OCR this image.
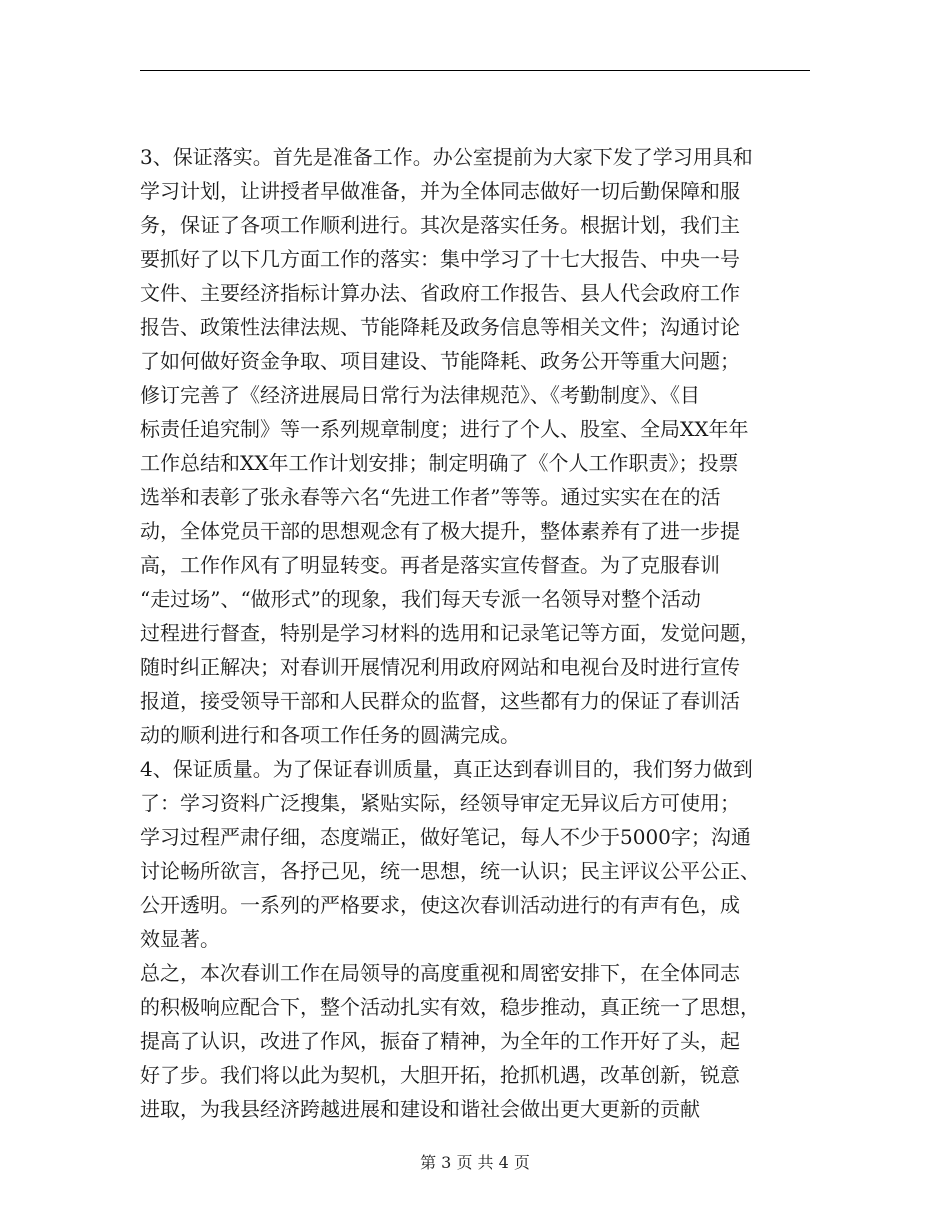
3、保证落实。首先是准备工作。办公室提前为大家下发了学习用具和
学习计划，让讲授者早做准备，并为全体同志做好一切后勤保障和服
务，保证了各项工作顺利进行。其次是落实任务。根据计划，我们主
要抓好了以下几方面工作的落实：集中学习了十七大报告、中央一号
文件、主要经济指标计算办法、省政府工作报告、县人代会政府工作
报告、政策性法律法规、节能降耗及政务信息等相关文件；沟通讨论
了如何做好资金争取、项目建设、节能降耗、政务公开等重大问题；
修订完善了《经济进展局日常行为法律规范》、《考勤制度》、《目
标责任追究制》等一系列规章制度；进行了个人、股室、全局XX年年
工作总结和XX年工作计划安排；制定明确了《个人工作职责》；投票
选举和表彰了张永春等六名“先进工作者”等等。通过实实在在的活
动，全体党员干部的思想观念有了极大提升，整体素养有了进一步提
高，工作作风有了明显转变。再者是落实宣传督查。为了克服春训
“走过场”、“做形式”的现象，我们每天专派一名领导对整个活动
过程进行督查，特别是学习材料的选用和记录笔记等方面，发觉问题，
随时纠正解决；对春训开展情况利用政府网站和电视台及时进行宣传
报道，接受领导干部和人民群众的监督，这些都有力的保证了春训活
动的顺利进行和各项工作任务的圆满完成。
4、保证质量。为了保证春训质量，真正达到春训目的，我们努力做到
了：学习资料广泛搜集，紧贴实际，经领导审定无异议后方可使用；
学习过程严肃仔细，态度端正，做好笔记，每人不少于5000字；沟通
讨论畅所欲言，各抒己见，统一思想，统一认识；民主评议公平公正、
公开透明。一系列的严格要求，使这次春训活动进行的有声有色，成
效显著。
总之，本次春训工作在局领导的高度重视和周密安排下，在全体同志
的积极响应配合下，整个活动扎实有效，稳步推动，真正统一了思想，
提高了认识，改进了作风，振奋了精神，为全年的工作开好了头，起
好了步。我们将以此为契机，大胆开拓，抢抓机遇，改革创新，锐意
进取，为我县经济跨越进展和建设和谐社会做出更大更新的贡献
第 3 页 共 4 页
